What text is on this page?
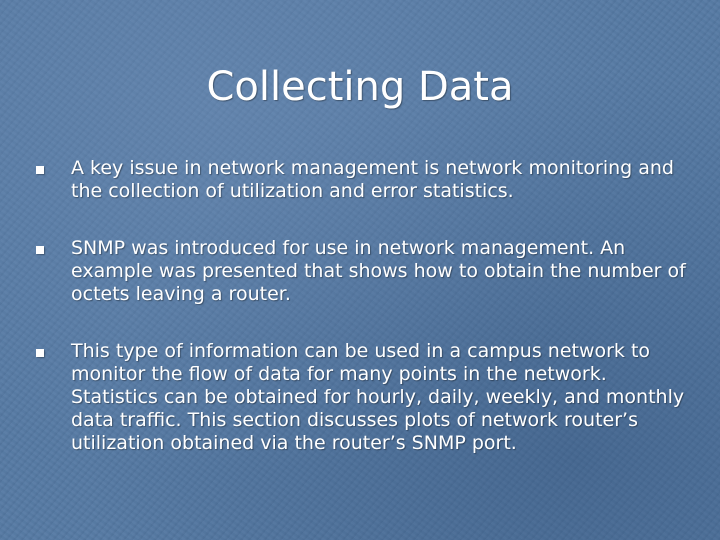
Collecting Data
A key issue in network management is network monitoring and the collection of utilization and error statistics.
SNMP was introduced for use in network management. An example was presented that shows how to obtain the number of octets leaving a router.
This type of information can be used in a campus network to monitor the flow of data for many points in the network. Statistics can be obtained for hourly, daily, weekly, and monthly data traffic. This section discusses plots of network router’s utilization obtained via the router’s SNMP port.
